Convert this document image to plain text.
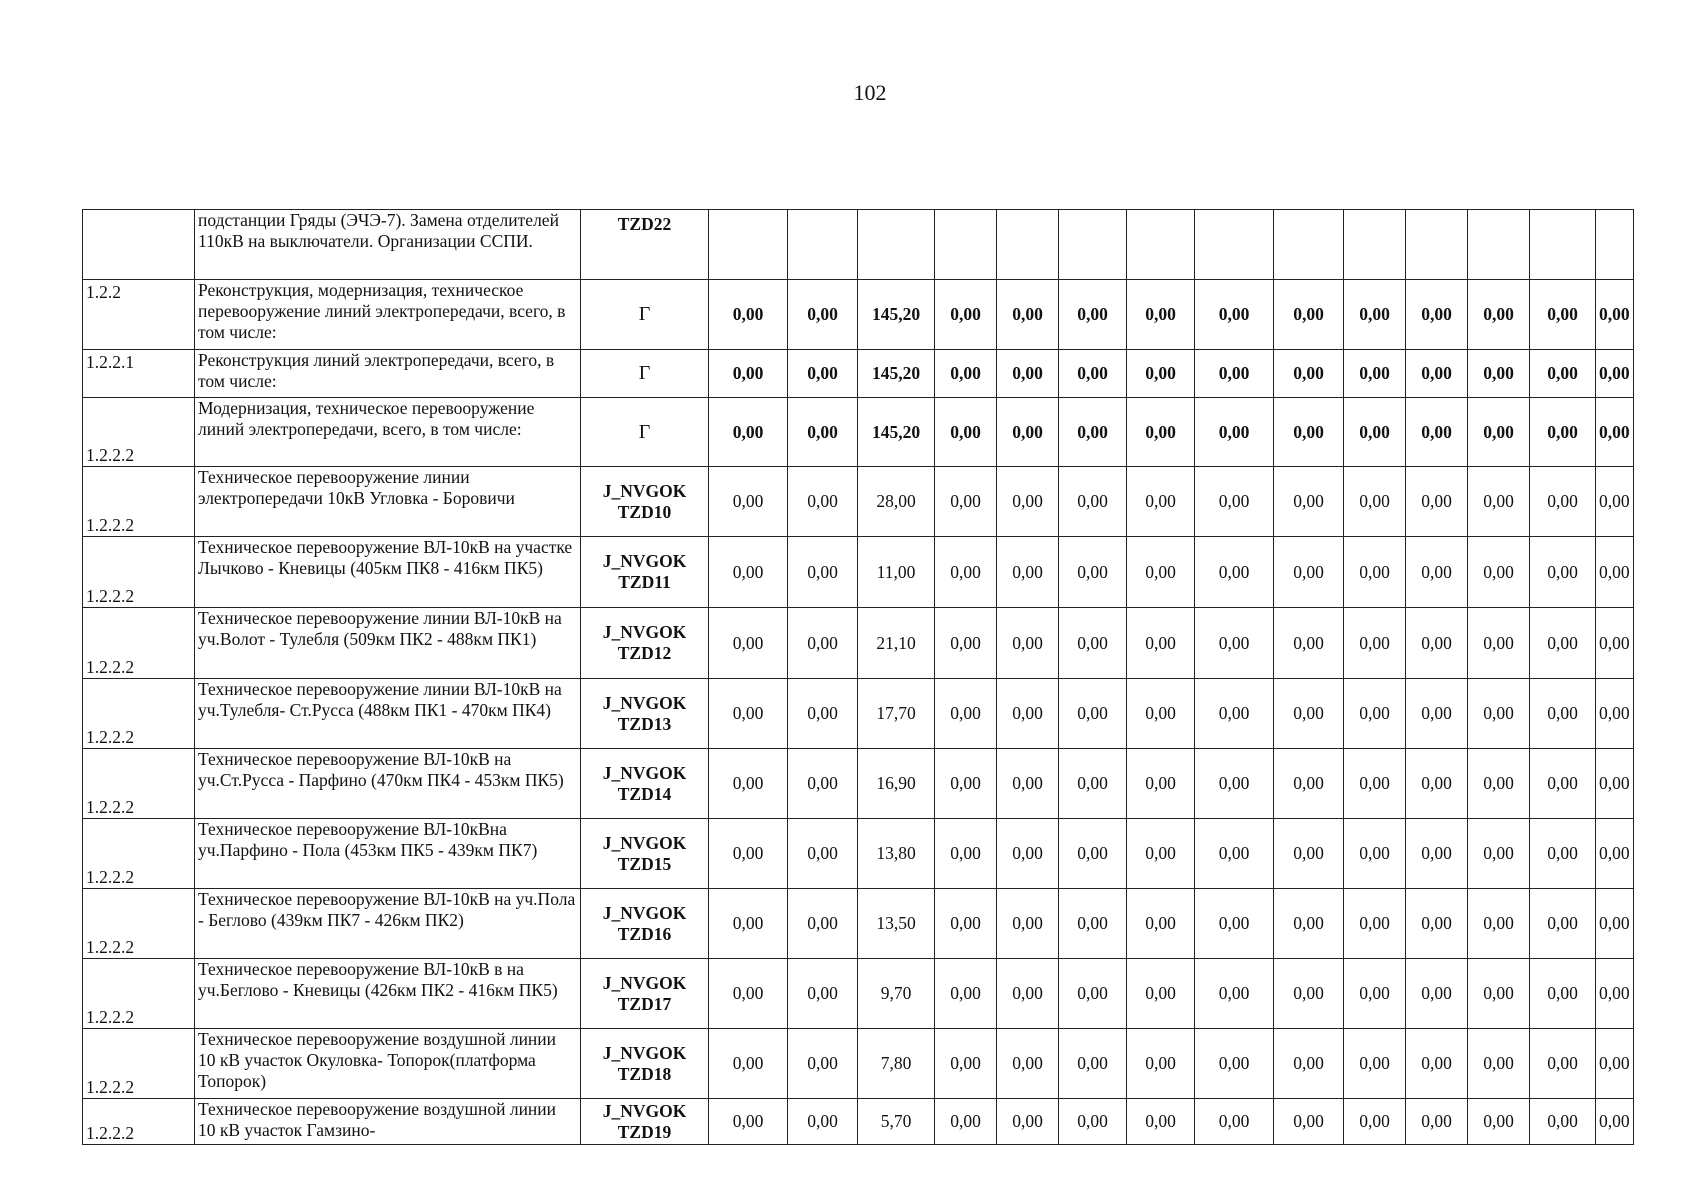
102
	подстанции Гряды (ЭЧЭ-7). Замена отделителей 110кВ на выключатели. Организации ССПИ.	TZD22														
1.2.2	Реконструкция, модернизация, техническое перевооружение линий электропередачи, всего, в том числе:	Г	0,00	0,00	145,20	0,00	0,00	0,00	0,00	0,00	0,00	0,00	0,00	0,00	0,00	0,00
1.2.2.1	Реконструкция линий электропередачи, всего, в том числе:	Г	0,00	0,00	145,20	0,00	0,00	0,00	0,00	0,00	0,00	0,00	0,00	0,00	0,00	0,00
1.2.2.2	Модернизация, техническое перевооружение линий электропередачи, всего, в том числе:	Г	0,00	0,00	145,20	0,00	0,00	0,00	0,00	0,00	0,00	0,00	0,00	0,00	0,00	0,00
1.2.2.2	Техническое перевооружение линии электропередачи 10кВ Угловка - Боровичи	J_NVGOK
TZD10	0,00	0,00	28,00	0,00	0,00	0,00	0,00	0,00	0,00	0,00	0,00	0,00	0,00	0,00
1.2.2.2	Техническое перевооружение ВЛ-10кВ на участке Лычково - Кневицы (405км ПК8 - 416км ПК5)	J_NVGOK
TZD11	0,00	0,00	11,00	0,00	0,00	0,00	0,00	0,00	0,00	0,00	0,00	0,00	0,00	0,00
1.2.2.2	Техническое перевооружение линии ВЛ-10кВ на уч.Волот - Тулебля (509км ПК2 - 488км ПК1)	J_NVGOK
TZD12	0,00	0,00	21,10	0,00	0,00	0,00	0,00	0,00	0,00	0,00	0,00	0,00	0,00	0,00
1.2.2.2	Техническое перевооружение линии ВЛ-10кВ на уч.Тулебля- Ст.Русса (488км ПК1 - 470км ПК4)	J_NVGOK
TZD13	0,00	0,00	17,70	0,00	0,00	0,00	0,00	0,00	0,00	0,00	0,00	0,00	0,00	0,00
1.2.2.2	Техническое перевооружение ВЛ-10кВ на уч.Ст.Русса - Парфино (470км ПК4 - 453км ПК5)	J_NVGOK
TZD14	0,00	0,00	16,90	0,00	0,00	0,00	0,00	0,00	0,00	0,00	0,00	0,00	0,00	0,00
1.2.2.2	Техническое перевооружение ВЛ-10кВна уч.Парфино - Пола (453км ПК5 - 439км ПК7)	J_NVGOK
TZD15	0,00	0,00	13,80	0,00	0,00	0,00	0,00	0,00	0,00	0,00	0,00	0,00	0,00	0,00
1.2.2.2	Техническое перевооружение ВЛ-10кВ на уч.Пола - Беглово (439км ПК7 - 426км ПК2)	J_NVGOK
TZD16	0,00	0,00	13,50	0,00	0,00	0,00	0,00	0,00	0,00	0,00	0,00	0,00	0,00	0,00
1.2.2.2	Техническое перевооружение ВЛ-10кВ в на уч.Беглово - Кневицы (426км ПК2 - 416км ПК5)	J_NVGOK
TZD17	0,00	0,00	9,70	0,00	0,00	0,00	0,00	0,00	0,00	0,00	0,00	0,00	0,00	0,00
1.2.2.2	Техническое перевооружение воздушной линии 10 кВ участок Окуловка- Топорок(платформа Топорок)	J_NVGOK
TZD18	0,00	0,00	7,80	0,00	0,00	0,00	0,00	0,00	0,00	0,00	0,00	0,00	0,00	0,00
1.2.2.2	Техническое перевооружение воздушной линии 10 кВ участок Гамзино-	J_NVGOK
TZD19	0,00	0,00	5,70	0,00	0,00	0,00	0,00	0,00	0,00	0,00	0,00	0,00	0,00	0,00
